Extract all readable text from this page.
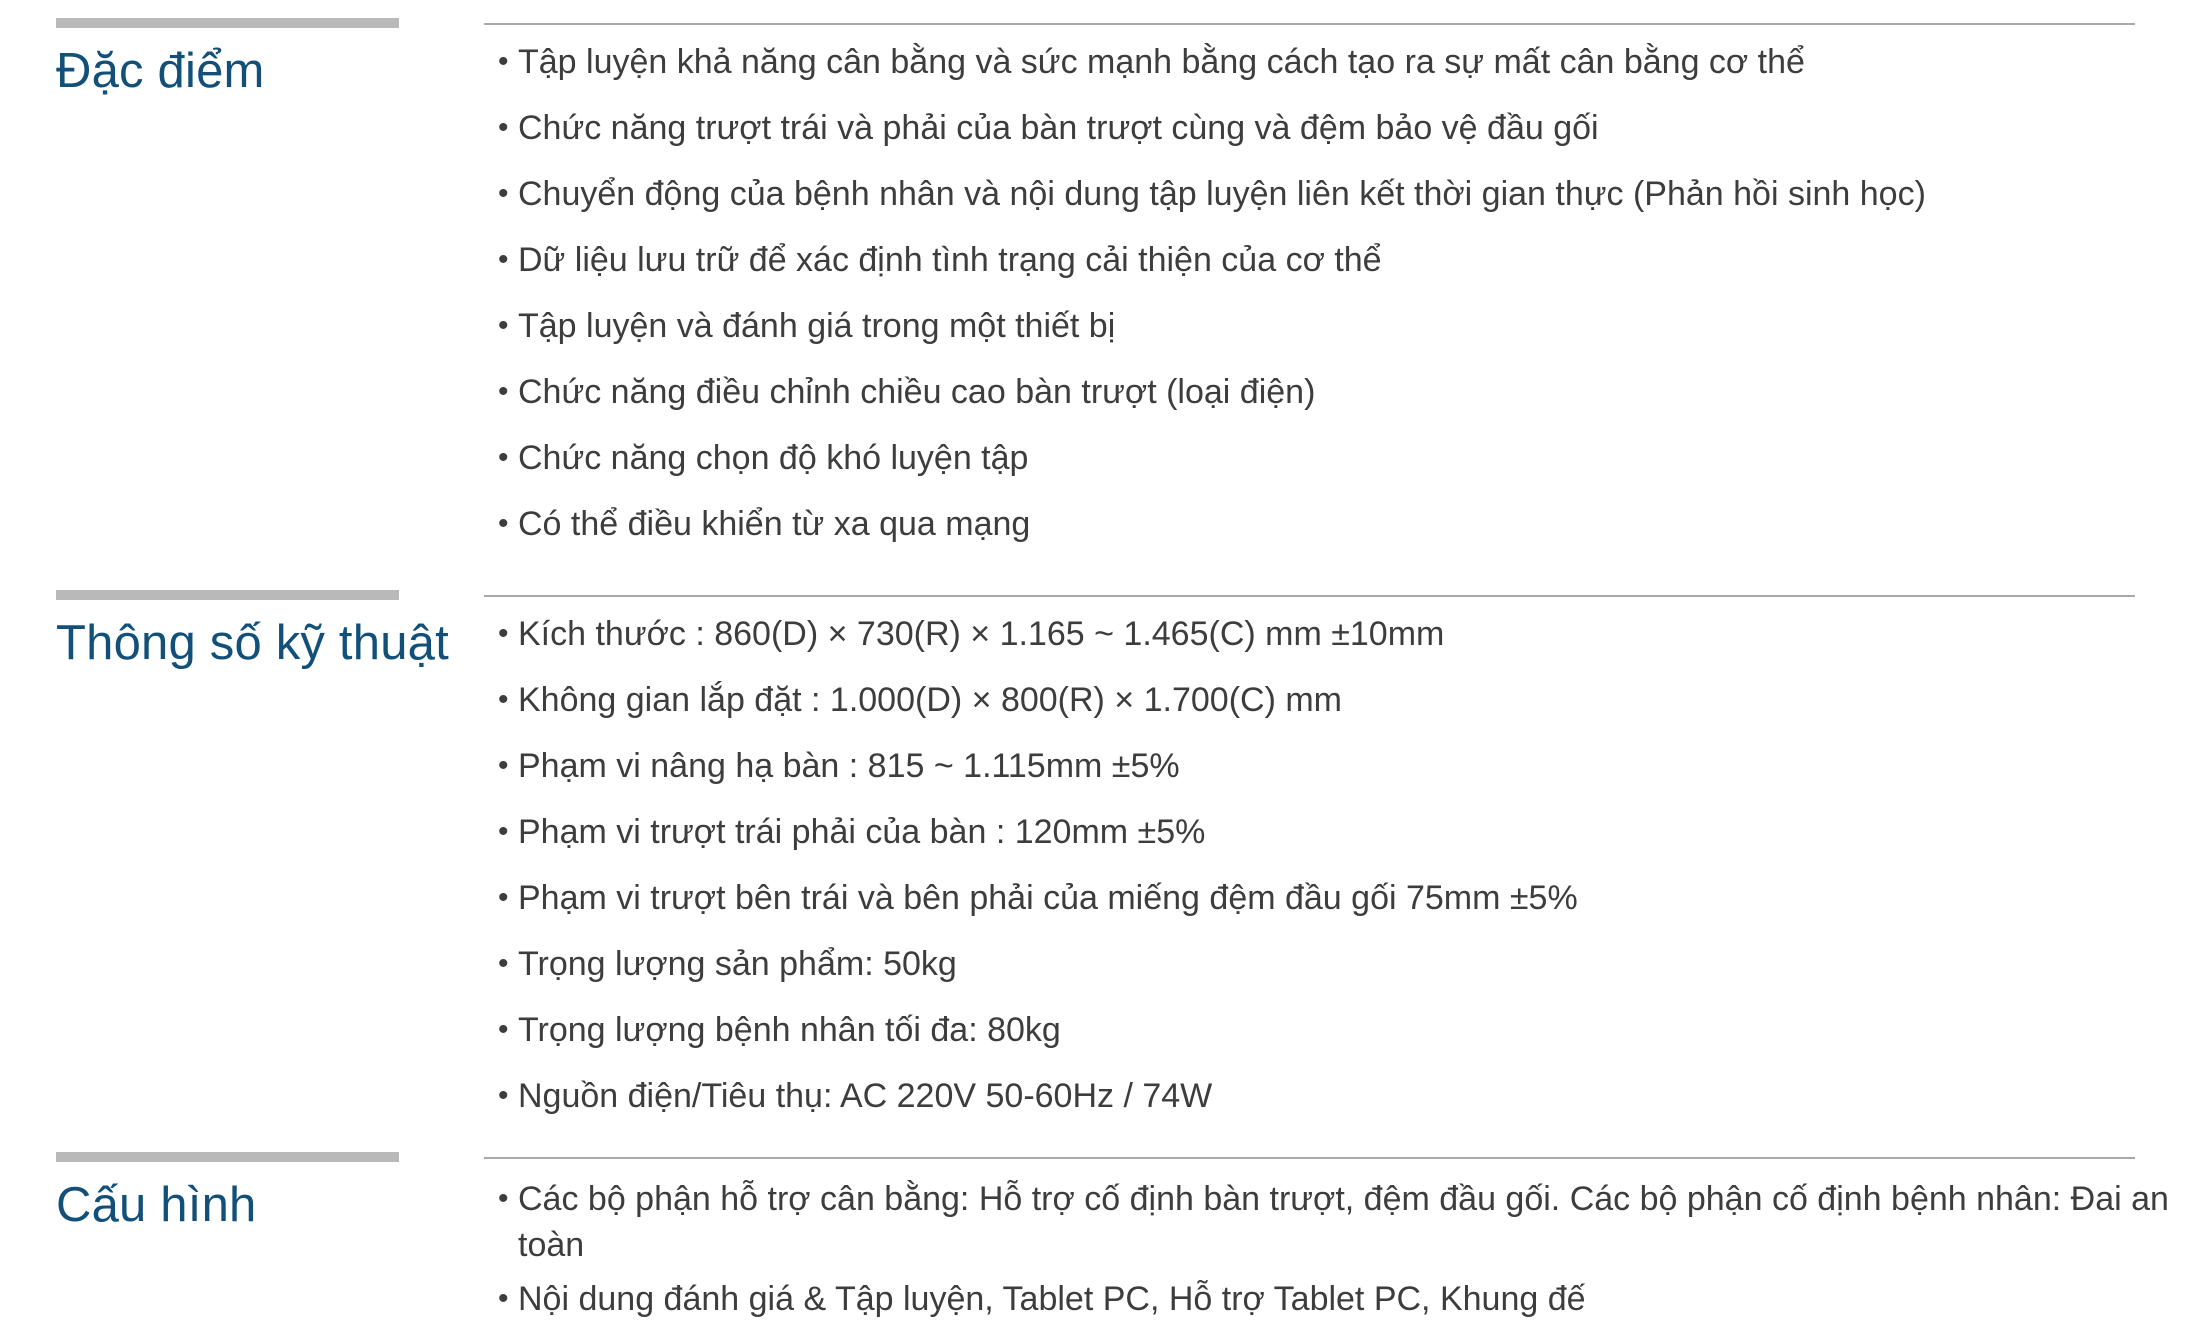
Đặc điểm	• Tập luyện khả năng cân bằng và sức mạnh bằng cách tạo ra sự mất cân bằng cơ thể
• Chức năng trượt trái và phải của bàn trượt cùng và đệm bảo vệ đầu gối
• Chuyển động của bệnh nhân và nội dung tập luyện liên kết thời gian thực (Phản hồi sinh học)
• Dữ liệu lưu trữ để xác định tình trạng cải thiện của cơ thể
• Tập luyện và đánh giá trong một thiết bị
• Chức năng điều chỉnh chiều cao bàn trượt (loại điện)
• Chức năng chọn độ khó luyện tập
• Có thể điều khiển từ xa qua mạng
Thông số kỹ thuật • Kích thước : 860(D) × 730(R) × 1.165 ~ 1.465(C) mm ±10mm
• Không gian lắp đặt : 1.000(D) × 800(R) × 1.700(C) mm
• Phạm vi nâng hạ bàn : 815 ~ 1.115mm ±5%
• Phạm vi trượt trái phải của bàn : 120mm ±5%
• Phạm vi trượt bên trái và bên phải của miếng đệm đầu gối 75mm ±5%
• Trọng lượng sản phẩm: 50kg
• Trọng lượng bệnh nhân tối đa: 80kg
• Nguồn điện/Tiêu thụ: AC 220V 50-60Hz / 74W
Cấu hình	• Các bộ phận hỗ trợ cân bằng: Hỗ trợ cố định bàn trượt, đệm đầu gối. Các bộ phận cố định bệnh nhân: Đai an toàn
• Nội dung đánh giá & Tập luyện, Tablet PC, Hỗ trợ Tablet PC, Khung đế
